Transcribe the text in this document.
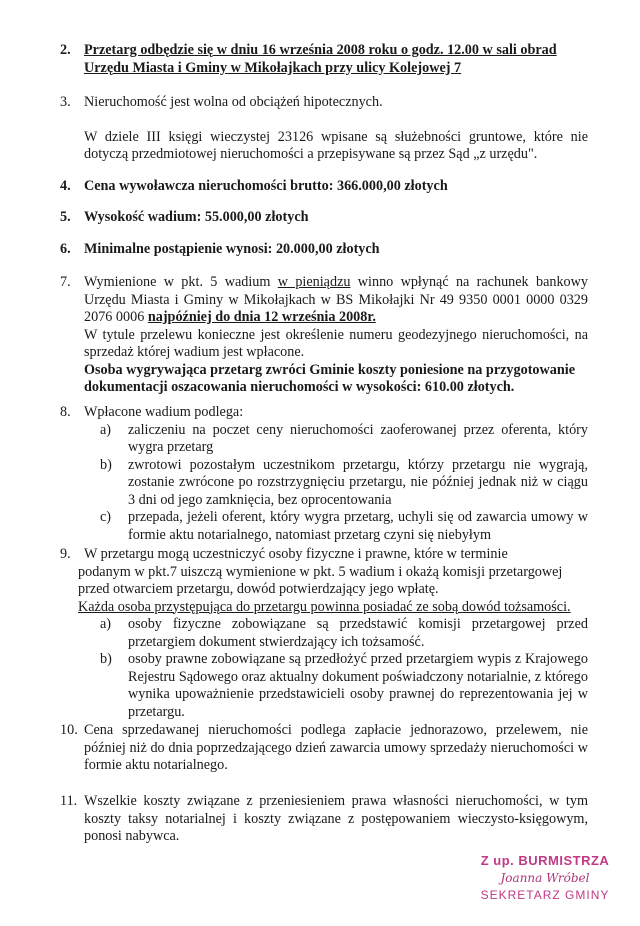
2. Przetarg odbędzie się w dniu 16 września 2008 roku o godz. 12.00 w sali obrad

Urzędu Miasta i Gminy w Mikołajkach przy ulicy Kolejowej 7

3. Nieruchomość jest wolna od obciążeń hipotecznych.

W dziele III księgi wieczystej 23126 wpisane są służebności gruntowe, które nie dotyczą przedmiotowej nieruchomości a przepisywane są przez Sąd „z urzędu".

4. Cena wywoławcza nieruchomości brutto: 366.000,00 złotych

5. Wysokość wadium: 55.000,00 złotych

6. Minimalne postąpienie wynosi: 20.000,00 złotych

7. Wymienione w pkt. 5 wadium w pieniądzu winno wpłynąć na rachunek bankowy Urzędu Miasta i Gminy w Mikołajkach w BS Mikołajki Nr 49 9350 0001 0000 0329 2076 0006 najpóźniej do dnia 12 września 2008r.

W tytule przelewu konieczne jest określenie numeru geodezyjnego nieruchomości, na sprzedaż której wadium jest wpłacone.

Osoba wygrywająca przetarg zwróci Gminie koszty poniesione na przygotowanie dokumentacji oszacowania nieruchomości w wysokości: 610.00 złotych.

8. Wpłacone wadium podlega:

a) zaliczeniu na poczet ceny nieruchomości zaoferowanej przez oferenta, który wygra przetarg

b) zwrotowi pozostałym uczestnikom przetargu, którzy przetargu nie wygrają, zostanie zwrócone po rozstrzygnięciu przetargu, nie później jednak niż w ciągu 3 dni od jego zamknięcia, bez oprocentowania

c) przepada, jeżeli oferent, który wygra przetarg, uchyli się od zawarcia umowy w formie aktu notarialnego, natomiast przetarg czyni się niebyłym

9. W przetargu mogą uczestniczyć osoby fizyczne i prawne, które w terminie

podanym w pkt.7 uiszczą wymienione w pkt. 5 wadium i okażą komisji przetargowej

przed otwarciem przetargu, dowód potwierdzający jego wpłatę.

Każda osoba przystępująca do przetargu powinna posiadać ze sobą dowód tożsamości.

a) osoby fizyczne zobowiązane są przedstawić komisji przetargowej przed przetargiem dokument stwierdzający ich tożsamość.

b) osoby prawne zobowiązane są przedłożyć przed przetargiem wypis z Krajowego Rejestru Sądowego oraz aktualny dokument poświadczony notarialnie, z którego wynika upoważnienie przedstawicieli osoby prawnej do reprezentowania jej w przetargu.

10. Cena sprzedawanej nieruchomości podlega zapłacie jednorazowo, przelewem, nie później niż do dnia poprzedzającego dzień zawarcia umowy sprzedaży nieruchomości w formie aktu notarialnego.

11. Wszelkie koszty związane z przeniesieniem prawa własności nieruchomości, w tym koszty taksy notarialnej i koszty związane z postępowaniem wieczysto-księgowym, ponosi nabywca.

Z up. BURMISTRZA
Joanna Wróbel
SEKRETARZ GMINY
